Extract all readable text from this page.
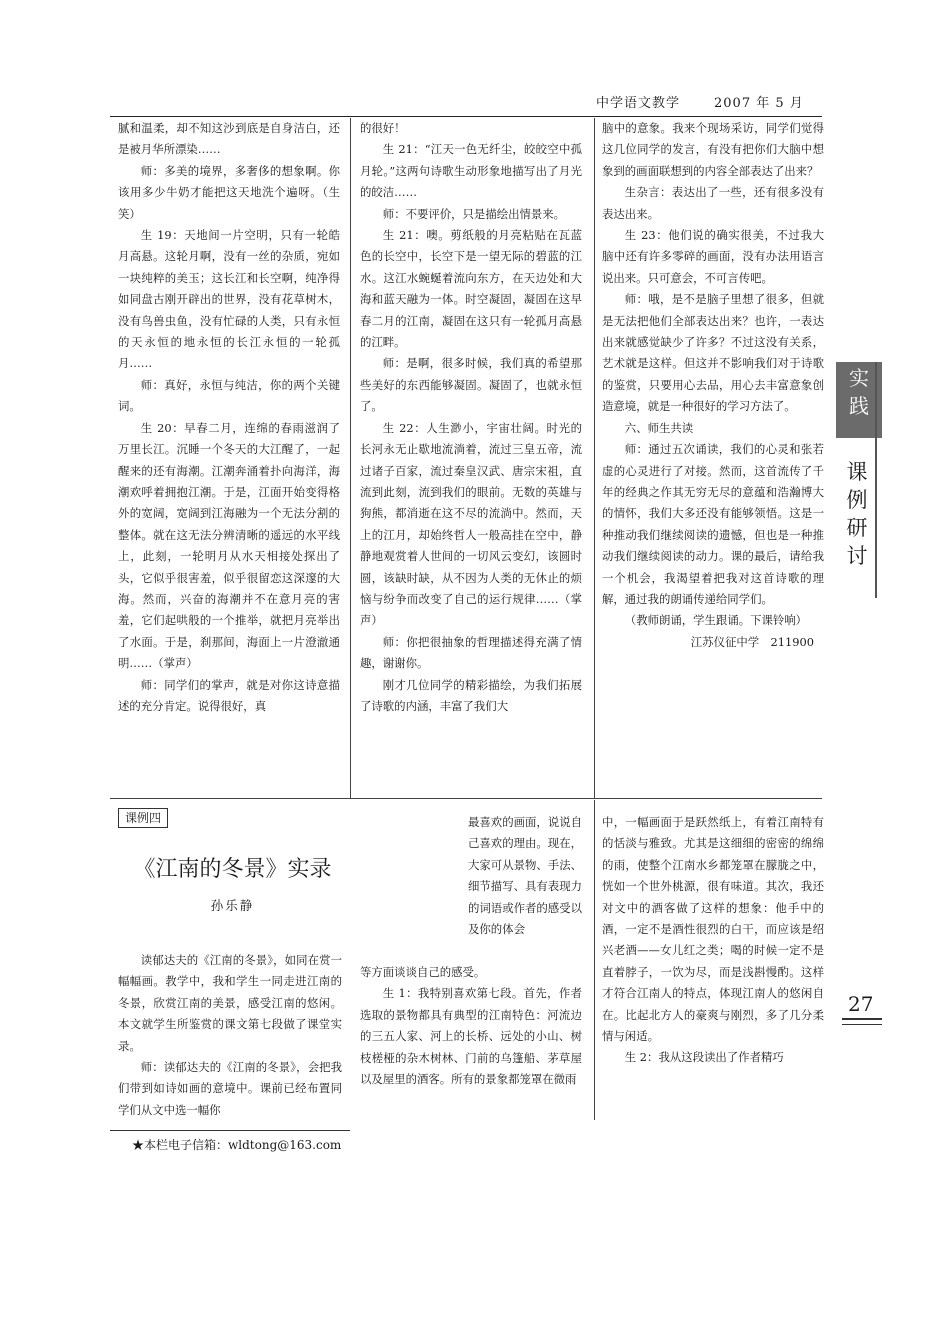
中学语文教学	2007 年 5 月

腻和温柔，却不知这沙到底是自身洁白，还是被月华所漂染……

师：多美的境界，多奢侈的想象啊。你该用多少牛奶才能把这天地洗个遍呀。（生笑）

生 19：天地间一片空明，只有一轮皓月高悬。这轮月啊，没有一丝的杂质，宛如一块纯粹的美玉；这长江和长空啊，纯净得如同盘古刚开辟出的世界，没有花草树木，没有鸟兽虫鱼，没有忙碌的人类，只有永恒的天永恒的地永恒的长江永恒的一轮孤月……

师：真好，永恒与纯洁，你的两个关键词。

生 20：早春二月，连绵的春雨滋润了万里长江。沉睡一个冬天的大江醒了，一起醒来的还有海潮。江潮奔涌着扑向海洋，海潮欢呼着拥抱江潮。于是，江面开始变得格外的宽阔，宽阔到江海融为一个无法分割的整体。就在这无法分辨清晰的遥远的水平线上，此刻，一轮明月从水天相接处探出了头，它似乎很害羞，似乎很留恋这深邃的大海。然而，兴奋的海潮并不在意月亮的害羞，它们起哄般的一个推举，就把月亮举出了水面。于是，刹那间，海面上一片澄澈通明……（掌声）

师：同学们的掌声，就是对你这诗意描述的充分肯定。说得很好，真

的很好！

生 21：“江天一色无纤尘，皎皎空中孤月轮。”这两句诗歌生动形象地描写出了月光的皎洁……

师：不要评价，只是描绘出情景来。

生 21：噢。剪纸般的月亮粘贴在瓦蓝色的长空中，长空下是一望无际的碧蓝的江水。这江水蜿蜒着流向东方，在天边处和大海和蓝天融为一体。时空凝固，凝固在这早春二月的江南，凝固在这只有一轮孤月高悬的江畔。

师：是啊，很多时候，我们真的希望那些美好的东西能够凝固。凝固了，也就永恒了。

生 22：人生渺小，宇宙壮阔。时光的长河永无止歇地流淌着，流过三皇五帝，流过诸子百家，流过秦皇汉武、唐宗宋祖，直流到此刻，流到我们的眼前。无数的英雄与狗熊，都消逝在这不尽的流淌中。然而，天上的江月，却始终哲人一般高挂在空中，静静地观赏着人世间的一切风云变幻，该圆时圆，该缺时缺，从不因为人类的无休止的烦恼与纷争而改变了自己的运行规律……（掌声）

师：你把很抽象的哲理描述得充满了情趣，谢谢你。

刚才几位同学的精彩描绘，为我们拓展了诗歌的内涵，丰富了我们大

脑中的意象。我来个现场采访，同学们觉得这几位同学的发言，有没有把你们大脑中想象到的画面联想到的内容全部表达了出来？

生杂言：表达出了一些，还有很多没有表达出来。

生 23：他们说的确实很美，不过我大脑中还有许多零碎的画面，没有办法用语言说出来。只可意会，不可言传吧。

师：哦，是不是脑子里想了很多，但就是无法把他们全部表达出来？也许，一表达出来就感觉缺少了许多？不过这没有关系，艺术就是这样。但这并不影响我们对于诗歌的鉴赏，只要用心去品，用心去丰富意象创造意境，就是一种很好的学习方法了。

六、师生共读

师：通过五次诵读，我们的心灵和张若虚的心灵进行了对接。然而，这首流传了千年的经典之作其无穷无尽的意蕴和浩瀚博大的情怀，我们大多还没有能够领悟。这是一种推动我们继续阅读的遗憾，但也是一种推动我们继续阅读的动力。课的最后，请给我一个机会，我渴望着把我对这首诗歌的理解，通过我的朗诵传递给同学们。

（教师朗诵，学生跟诵。下课铃响）

江苏仪征中学　211900

实
践
课
例
研
讨
27
课例四
《江南的冬景》实录
孙乐静

读郁达夫的《江南的冬景》，如同在赏一幅幅画。教学中，我和学生一同走进江南的冬景，欣赏江南的美景，感受江南的悠闲。本文就学生所鉴赏的课文第七段做了课堂实录。

师：读郁达夫的《江南的冬景》，会把我们带到如诗如画的意境中。课前已经布置同学们从文中选一幅你

最喜欢的画面，说说自己喜欢的理由。现在，大家可从景物、手法、细节描写、具有表现力的词语或作者的感受以及你的体会

等方面谈谈自己的感受。

生 1：我特别喜欢第七段。首先，作者选取的景物都具有典型的江南特色：河流边的三五人家、河上的长桥、远处的小山、树枝槎桠的杂木树林、门前的乌篷船、茅草屋以及屋里的酒客。所有的景象都笼罩在微雨

中，一幅画面于是跃然纸上，有着江南特有的恬淡与雅致。尤其是这细细的密密的绵绵的雨，使整个江南水乡都笼罩在朦胧之中，恍如一个世外桃源，很有味道。其次，我还对文中的酒客做了这样的想象：他手中的酒，一定不是酒性很烈的白干，而应该是绍兴老酒——女儿红之类；喝的时候一定不是直着脖子，一饮为尽，而是浅斟慢酌。这样才符合江南人的特点，体现江南人的悠闲自在。比起北方人的豪爽与刚烈，多了几分柔情与闲适。

生 2：我从这段读出了作者精巧

★本栏电子信箱：wldtong@163.com
